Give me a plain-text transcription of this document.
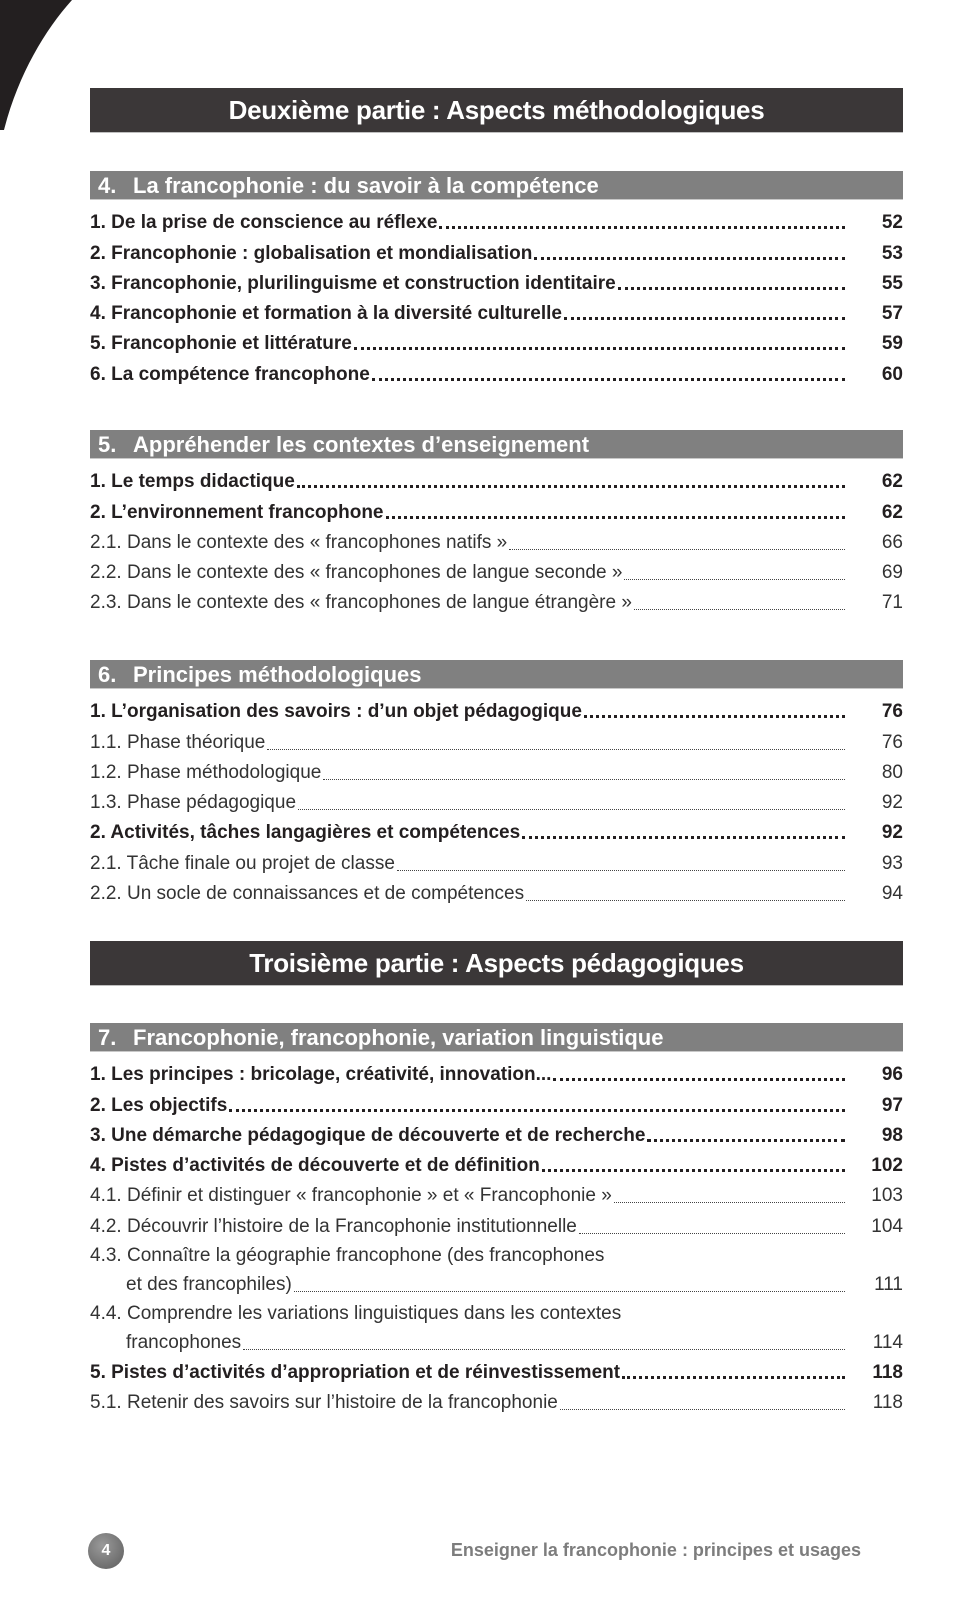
Deuxième partie : Aspects méthodologiques
4. La francophonie : du savoir à la compétence
1. De la prise de conscience au réflexe	52
2. Francophonie : globalisation et mondialisation	53
3. Francophonie, plurilinguisme et construction identitaire	55
4. Francophonie et formation à la diversité culturelle	57
5. Francophonie et littérature	59
6. La compétence francophone	60
5. Appréhender les contextes d’enseignement
1. Le temps didactique	62
2. L’environnement francophone	62
2.1. Dans le contexte des « francophones natifs »	66
2.2. Dans le contexte des « francophones de langue seconde »	69
2.3. Dans le contexte des « francophones de langue étrangère »	71
6. Principes méthodologiques
1. L’organisation des savoirs : d’un objet pédagogique	76
1.1. Phase théorique	76
1.2. Phase méthodologique	80
1.3. Phase pédagogique	92
2. Activités, tâches langagières et compétences	92
2.1. Tâche finale ou projet de classe	93
2.2. Un socle de connaissances et de compétences	94
Troisième partie : Aspects pédagogiques
7. Francophonie, francophonie, variation linguistique
1. Les principes : bricolage, créativité, innovation...	96
2. Les objectifs	97
3. Une démarche pédagogique de découverte et de recherche	98
4. Pistes d’activités de découverte et de définition	102
4.1. Définir et distinguer « francophonie » et « Francophonie »	103
4.2. Découvrir l’histoire de la Francophonie institutionnelle	104
4.3. Connaître la géographie francophone (des francophones
et des francophiles)	111
4.4. Comprendre les variations linguistiques dans les contextes
francophones	114
5. Pistes d’activités d’appropriation et de réinvestissement	118
5.1. Retenir des savoirs sur l’histoire de la francophonie	118
4	Enseigner la francophonie : principes et usages
